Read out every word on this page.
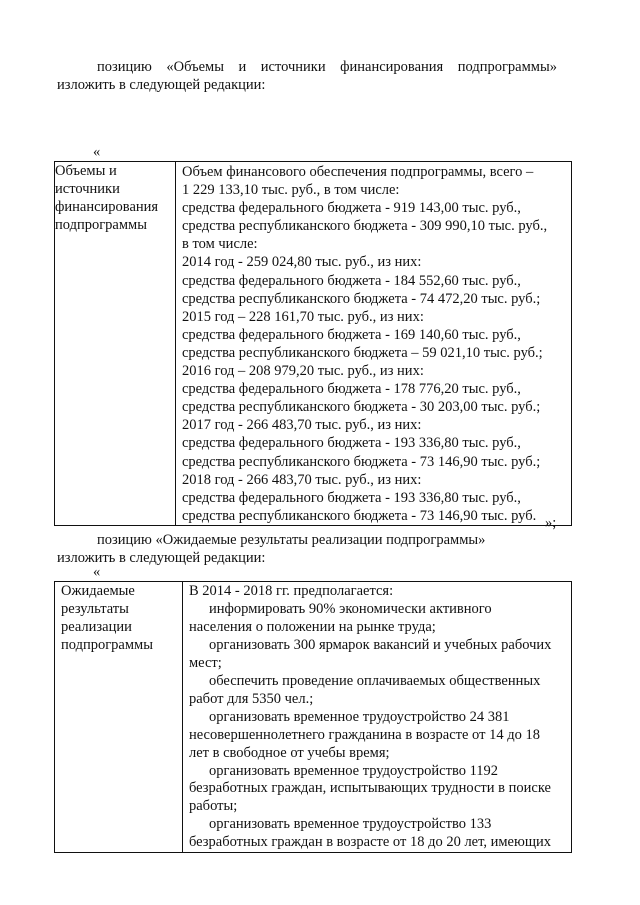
позицию «Объемы и источники финансирования подпрограммы»
изложить в следующей редакции:
«
Объемы и
источники
финансирования
подпрограммы

Объем финансового обеспечения подпрограммы, всего –
1 229 133,10 тыс. руб., в том числе:
средства федерального бюджета - 919 143,00 тыс. руб.,
средства республиканского бюджета - 309 990,10 тыс. руб.,
в том числе:
2014 год - 259 024,80 тыс. руб., из них:
средства федерального бюджета - 184 552,60 тыс. руб.,
средства республиканского бюджета - 74 472,20 тыс. руб.;
2015 год – 228 161,70 тыс. руб., из них:
средства федерального бюджета - 169 140,60 тыс. руб.,
средства республиканского бюджета – 59 021,10 тыс. руб.;
2016 год – 208 979,20 тыс. руб., из них:
средства федерального бюджета - 178 776,20 тыс. руб.,
средства республиканского бюджета - 30 203,00 тыс. руб.;
2017 год - 266 483,70 тыс. руб., из них:
средства федерального бюджета - 193 336,80 тыс. руб.,
средства республиканского бюджета - 73 146,90 тыс. руб.;
2018 год - 266 483,70 тыс. руб., из них:
средства федерального бюджета - 193 336,80 тыс. руб.,
средства республиканского бюджета - 73 146,90 тыс. руб. »;
позицию «Ожидаемые результаты реализации подпрограммы»
изложить в следующей редакции:
«
Ожидаемые
результаты
реализации
подпрограммы

В 2014 - 2018 гг. предполагается:
информировать 90% экономически активного
населения о положении на рынке труда;
организовать 300 ярмарок вакансий и учебных рабочих
мест;
обеспечить проведение оплачиваемых общественных
работ для 5350 чел.;
организовать временное трудоустройство 24 381
несовершеннолетнего гражданина в возрасте от 14 до 18
лет в свободное от учебы время;
организовать временное трудоустройство 1192
безработных граждан, испытывающих трудности в поиске
работы;
организовать временное трудоустройство 133
безработных граждан в возрасте от 18 до 20 лет, имеющих
